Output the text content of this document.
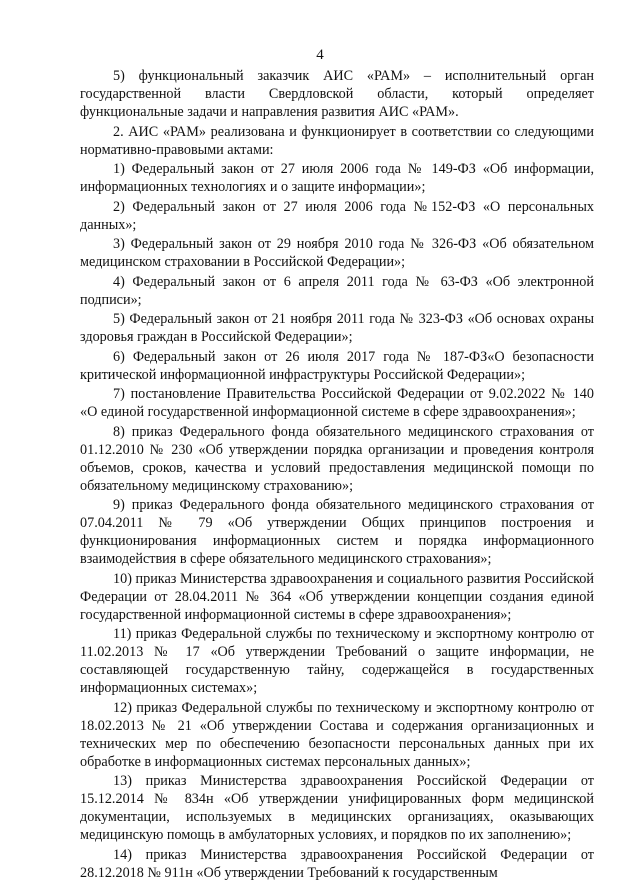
4

5) функциональный заказчик АИС «РАМ» – исполнительный орган государственной власти Свердловской области, который определяет функциональные задачи и направления развития АИС «РАМ».

2. АИС «РАМ» реализована и функционирует в соответствии со следующими нормативно-правовыми актами:

1) Федеральный закон от 27 июля 2006 года № 149-ФЗ «Об информации, информационных технологиях и о защите информации»;

2) Федеральный закон от 27 июля 2006 года №152-ФЗ «О персональных данных»;

3) Федеральный закон от 29 ноября 2010 года № 326-ФЗ «Об обязательном медицинском страховании в Российской Федерации»;

4) Федеральный закон от 6 апреля 2011 года № 63-ФЗ «Об электронной подписи»;

5) Федеральный закон от 21 ноября 2011 года № 323-ФЗ «Об основах охраны здоровья граждан в Российской Федерации»;

6) Федеральный закон от 26 июля 2017 года № 187-ФЗ«О безопасности критической информационной инфраструктуры Российской Федерации»;

7) постановление Правительства Российской Федерации от 9.02.2022 № 140 «О единой государственной информационной системе в сфере здравоохранения»;

8) приказ Федерального фонда обязательного медицинского страхования от 01.12.2010 № 230 «Об утверждении порядка организации и проведения контроля объемов, сроков, качества и условий предоставления медицинской помощи по обязательному медицинскому страхованию»;

9) приказ Федерального фонда обязательного медицинского страхования от 07.04.2011 № 79 «Об утверждении Общих принципов построения и функционирования информационных систем и порядка информационного взаимодействия в сфере обязательного медицинского страхования»;

10) приказ Министерства здравоохранения и социального развития Российской Федерации от 28.04.2011 № 364 «Об утверждении концепции создания единой государственной информационной системы в сфере здравоохранения»;

11) приказ Федеральной службы по техническому и экспортному контролю от 11.02.2013 № 17 «Об утверждении Требований о защите информации, не составляющей государственную тайну, содержащейся в государственных информационных системах»;

12) приказ Федеральной службы по техническому и экспортному контролю от 18.02.2013 № 21 «Об утверждении Состава и содержания организационных и технических мер по обеспечению безопасности персональных данных при их обработке в информационных системах персональных данных»;

13) приказ Министерства здравоохранения Российской Федерации от 15.12.2014 № 834н «Об утверждении унифицированных форм медицинской документации, используемых в медицинских организациях, оказывающих медицинскую помощь в амбулаторных условиях, и порядков по их заполнению»;

14) приказ Министерства здравоохранения Российской Федерации от 28.12.2018 № 911н «Об утверждении Требований к государственным
